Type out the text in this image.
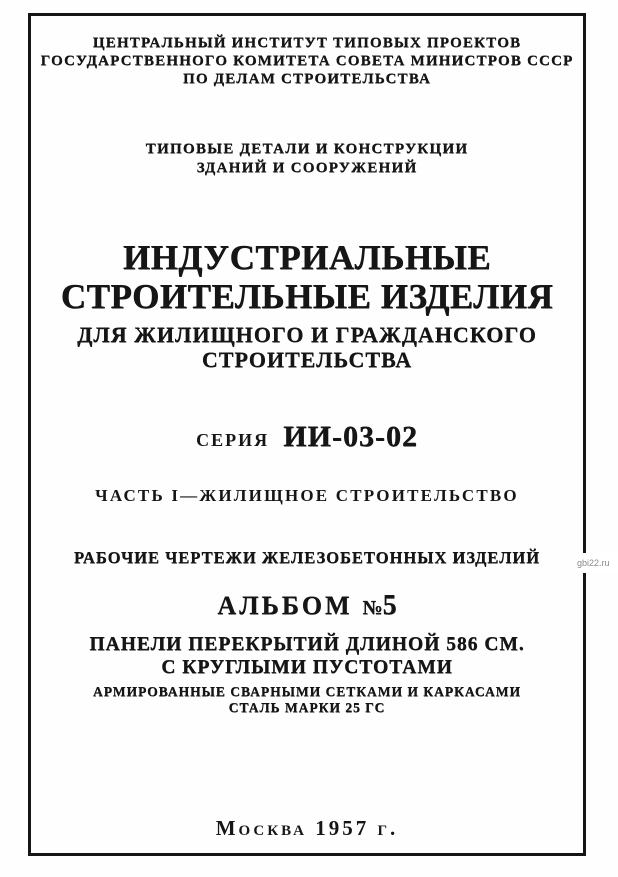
ЦЕНТРАЛЬНЫЙ ИНСТИТУТ ТИПОВЫХ ПРОЕКТОВ
ГОСУДАРСТВЕННОГО КОМИТЕТА СОВЕТА МИНИСТРОВ СССР
ПО ДЕЛАМ СТРОИТЕЛЬСТВА
ТИПОВЫЕ ДЕТАЛИ И КОНСТРУКЦИИ
ЗДАНИЙ И СООРУЖЕНИЙ
ИНДУСТРИАЛЬНЫЕ
СТРОИТЕЛЬНЫЕ ИЗДЕЛИЯ
ДЛЯ ЖИЛИЩНОГО И ГРАЖДАНСКОГО
СТРОИТЕЛЬСТВА
СЕРИЯ ИИ-03-02
ЧАСТЬ I—ЖИЛИЩНОЕ СТРОИТЕЛЬСТВО
РАБОЧИЕ ЧЕРТЕЖИ ЖЕЛЕЗОБЕТОННЫХ ИЗДЕЛИЙ
АЛЬБОМ №5
ПАНЕЛИ ПЕРЕКРЫТИЙ ДЛИНОЙ 586 СМ.
С КРУГЛЫМИ ПУСТОТАМИ
АРМИРОВАННЫЕ СВАРНЫМИ СЕТКАМИ И КАРКАСАМИ
СТАЛЬ МАРКИ 25 ГС
Москва 1957 г.
gbi22.ru
